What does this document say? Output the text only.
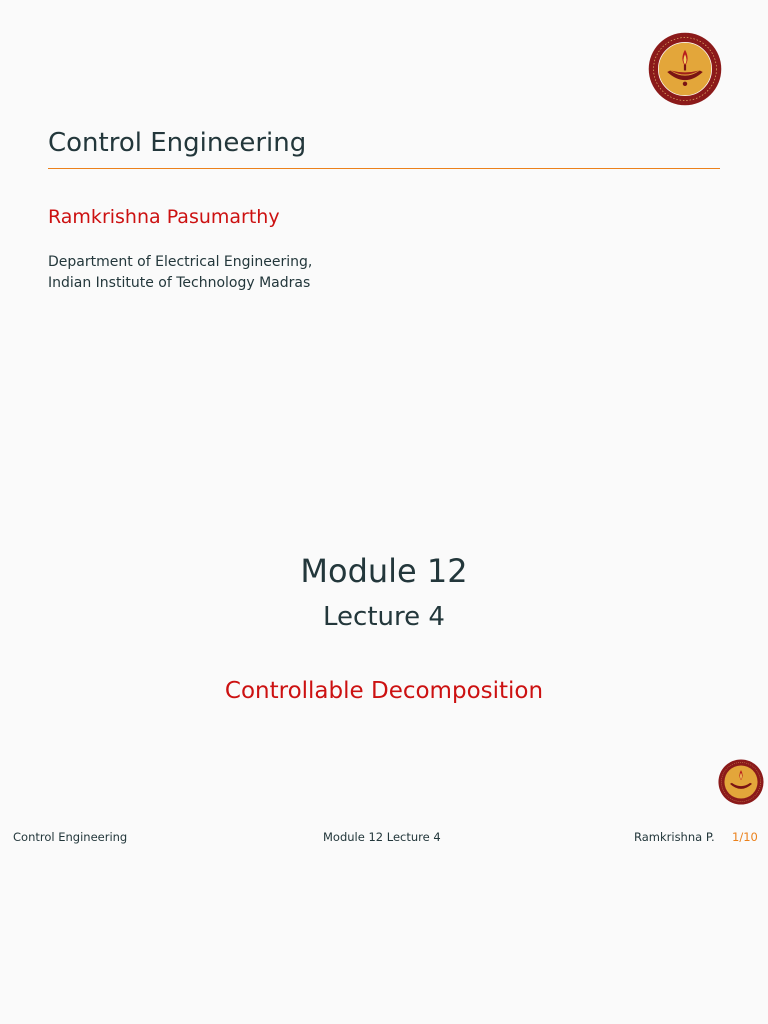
Control Engineering
Ramkrishna Pasumarthy
Department of Electrical Engineering,
Indian Institute of Technology Madras
Module 12
Lecture 4
Controllable Decomposition
Control Engineering	Module 12 Lecture 4	Ramkrishna P. 1/10
